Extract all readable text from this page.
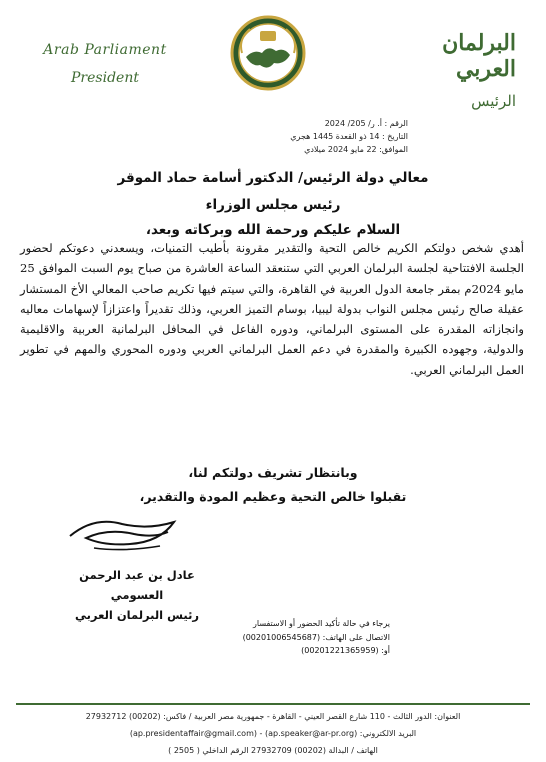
Arab Parliament
President
البرلمان العربي
الرئيس
الرقم : أ. ر/ 205/ 2024
التاريخ : 14 ذو القعدة 1445 هجري
الموافق: 22 مايو 2024 ميلادي
معالي دولة الرئيس/ الدكتور أسامة حماد الموقر
رئيس مجلس الوزراء
السلام عليكم ورحمة الله وبركاته وبعد،
أهدي شخص دولتكم الكريم خالص التحية والتقدير مقرونة بأطيب التمنيات، ويسعدني دعوتكم لحضور الجلسة الافتتاحية لجلسة البرلمان العربي التي ستنعقد الساعة العاشرة من صباح يوم السبت الموافق 25 مايو 2024م بمقر جامعة الدول العربية في القاهرة، والتي سيتم فيها تكريم صاحب المعالي الأخ المستشار عقيلة صالح رئيس مجلس النواب بدولة ليبيا، بوسام التميز العربي، وذلك تقديراً واعتزازاً لإسهامات معاليه وانجازاته المقدرة على المستوى البرلماني، ودوره الفاعل في المحافل البرلمانية العربية والاقليمية والدولية، وجهوده الكبيرة والمقدرة في دعم العمل البرلماني العربي ودوره المحوري والمهم في تطوير العمل البرلماني العربي.
وبانتظار تشريف دولتكم لنا،
تقبلوا خالص التحية وعظيم المودة والتقدير،
عادل بن عبد الرحمن العسومي
رئيس البرلمان العربي
يرجاء في حالة تأكيد الحضور أو الاستفسار
الاتصال على الهاتف: (00201006545687)
أو: (00201221365959)
العنوان: الدور الثالث - 110 شارع القصر العيني - القاهرة - جمهورية مصر العربية / فاكس: (00202) 27932712
البريد الالكتروني: (ap.speaker@ar-pr.org) - (ap.presidentaffair@gmail.com)
الهاتف / البدالة (00202) 27932709 الرقم الداخلي ( 2505 )
